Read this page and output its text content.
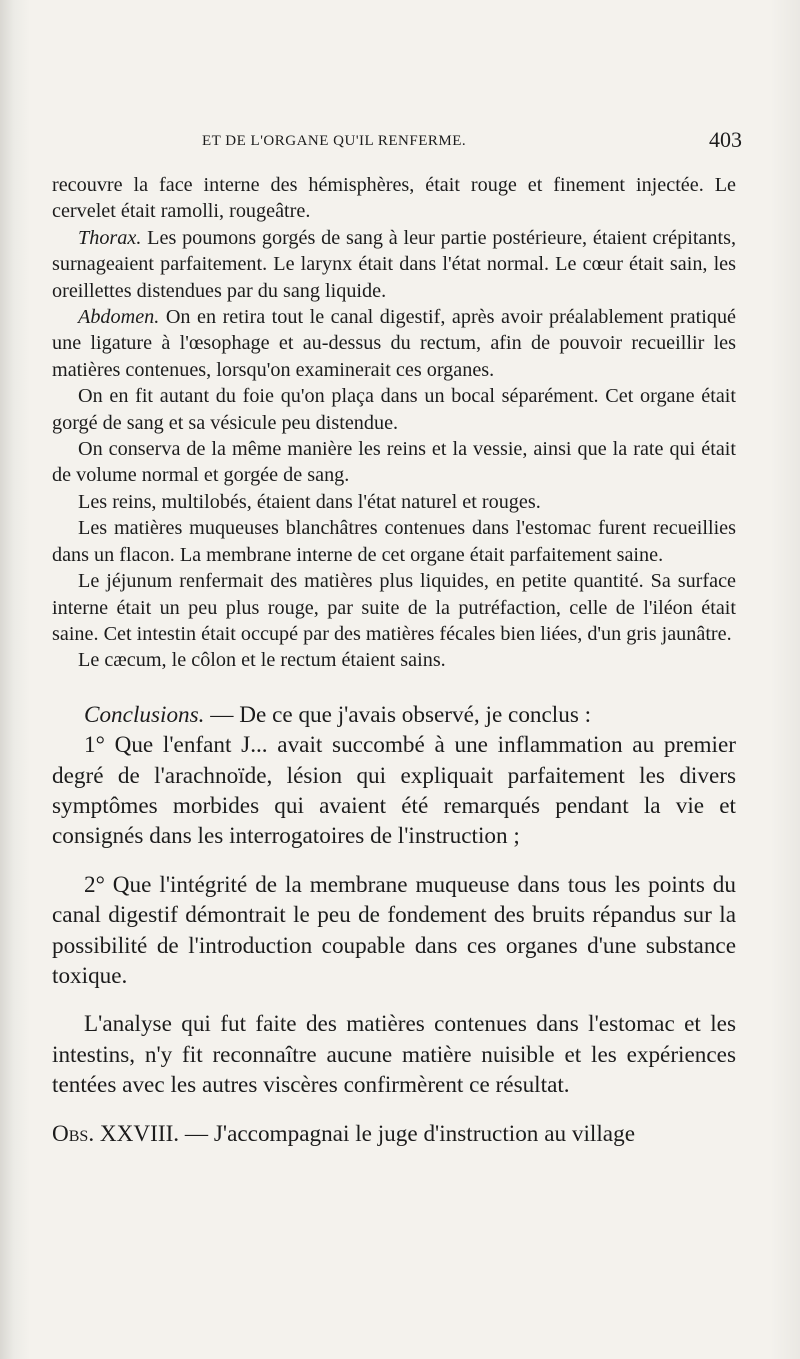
ET DE L'ORGANE QU'IL RENFERME.	403

recouvre la face interne des hémisphères, était rouge et finement injectée. Le cervelet était ramolli, rougeâtre.

Thorax. Les poumons gorgés de sang à leur partie postérieure, étaient crépitants, surnageaient parfaitement. Le larynx était dans l'état normal. Le cœur était sain, les oreillettes distendues par du sang liquide.

Abdomen. On en retira tout le canal digestif, après avoir préalablement pratiqué une ligature à l'œsophage et au-dessus du rectum, afin de pouvoir recueillir les matières contenues, lorsqu'on examinerait ces organes.

On en fit autant du foie qu'on plaça dans un bocal séparément. Cet organe était gorgé de sang et sa vésicule peu distendue.

On conserva de la même manière les reins et la vessie, ainsi que la rate qui était de volume normal et gorgée de sang.

Les reins, multilobés, étaient dans l'état naturel et rouges.

Les matières muqueuses blanchâtres contenues dans l'estomac furent recueillies dans un flacon. La membrane interne de cet organe était parfaitement saine.

Le jéjunum renfermait des matières plus liquides, en petite quantité. Sa surface interne était un peu plus rouge, par suite de la putréfaction, celle de l'iléon était saine. Cet intestin était occupé par des matières fécales bien liées, d'un gris jaunâtre.

Le cæcum, le côlon et le rectum étaient sains.

Conclusions. — De ce que j'avais observé, je conclus :

1° Que l'enfant J... avait succombé à une inflammation au premier degré de l'arachnoïde, lésion qui expliquait parfaitement les divers symptômes morbides qui avaient été remarqués pendant la vie et consignés dans les interrogatoires de l'instruction ;

2° Que l'intégrité de la membrane muqueuse dans tous les points du canal digestif démontrait le peu de fondement des bruits répandus sur la possibilité de l'introduction coupable dans ces organes d'une substance toxique.

L'analyse qui fut faite des matières contenues dans l'estomac et les intestins, n'y fit reconnaître aucune matière nuisible et les expériences tentées avec les autres viscères confirmèrent ce résultat.

Obs. XXVIII. — J'accompagnai le juge d'instruction au village
